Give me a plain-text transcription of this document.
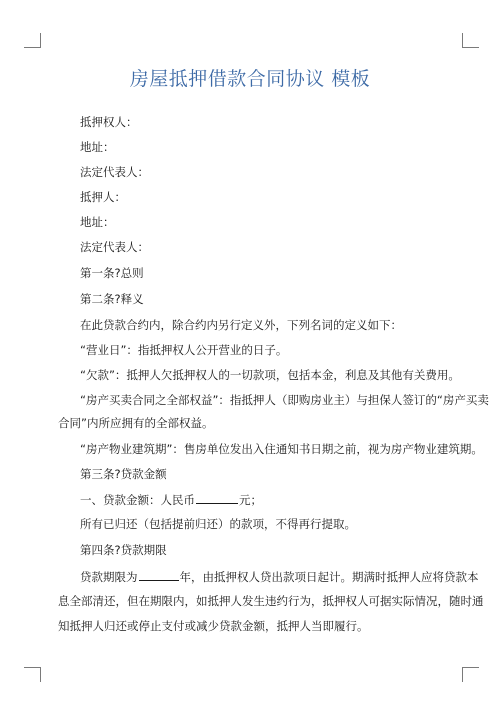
房屋抵押借款合同协议 模板
抵押权人：
地址：
法定代表人：
抵押人：
地址：
法定代表人：
第一条?总则
第二条?释义
在此贷款合约内，除合约内另行定义外，下列名词的定义如下：
“营业日”：指抵押权人公开营业的日子。
“欠款”：抵押人欠抵押权人的一切款项，包括本金，利息及其他有关费用。
“房产买卖合同之全部权益”：指抵押人（即购房业主）与担保人签订的“房产买卖
合同”内所应拥有的全部权益。
“房产物业建筑期”：售房单位发出入住通知书日期之前，视为房产物业建筑期。
第三条?贷款金额
一、贷款金额：人民币	元；
所有已归还（包括提前归还）的款项，不得再行提取。
第四条?贷款期限
贷款期限为	年，由抵押权人贷出款项日起计。期满时抵押人应将贷款本
息全部清还，但在期限内，如抵押人发生违约行为，抵押权人可据实际情况，随时通
知抵押人归还或停止支付或减少贷款金额，抵押人当即履行。
